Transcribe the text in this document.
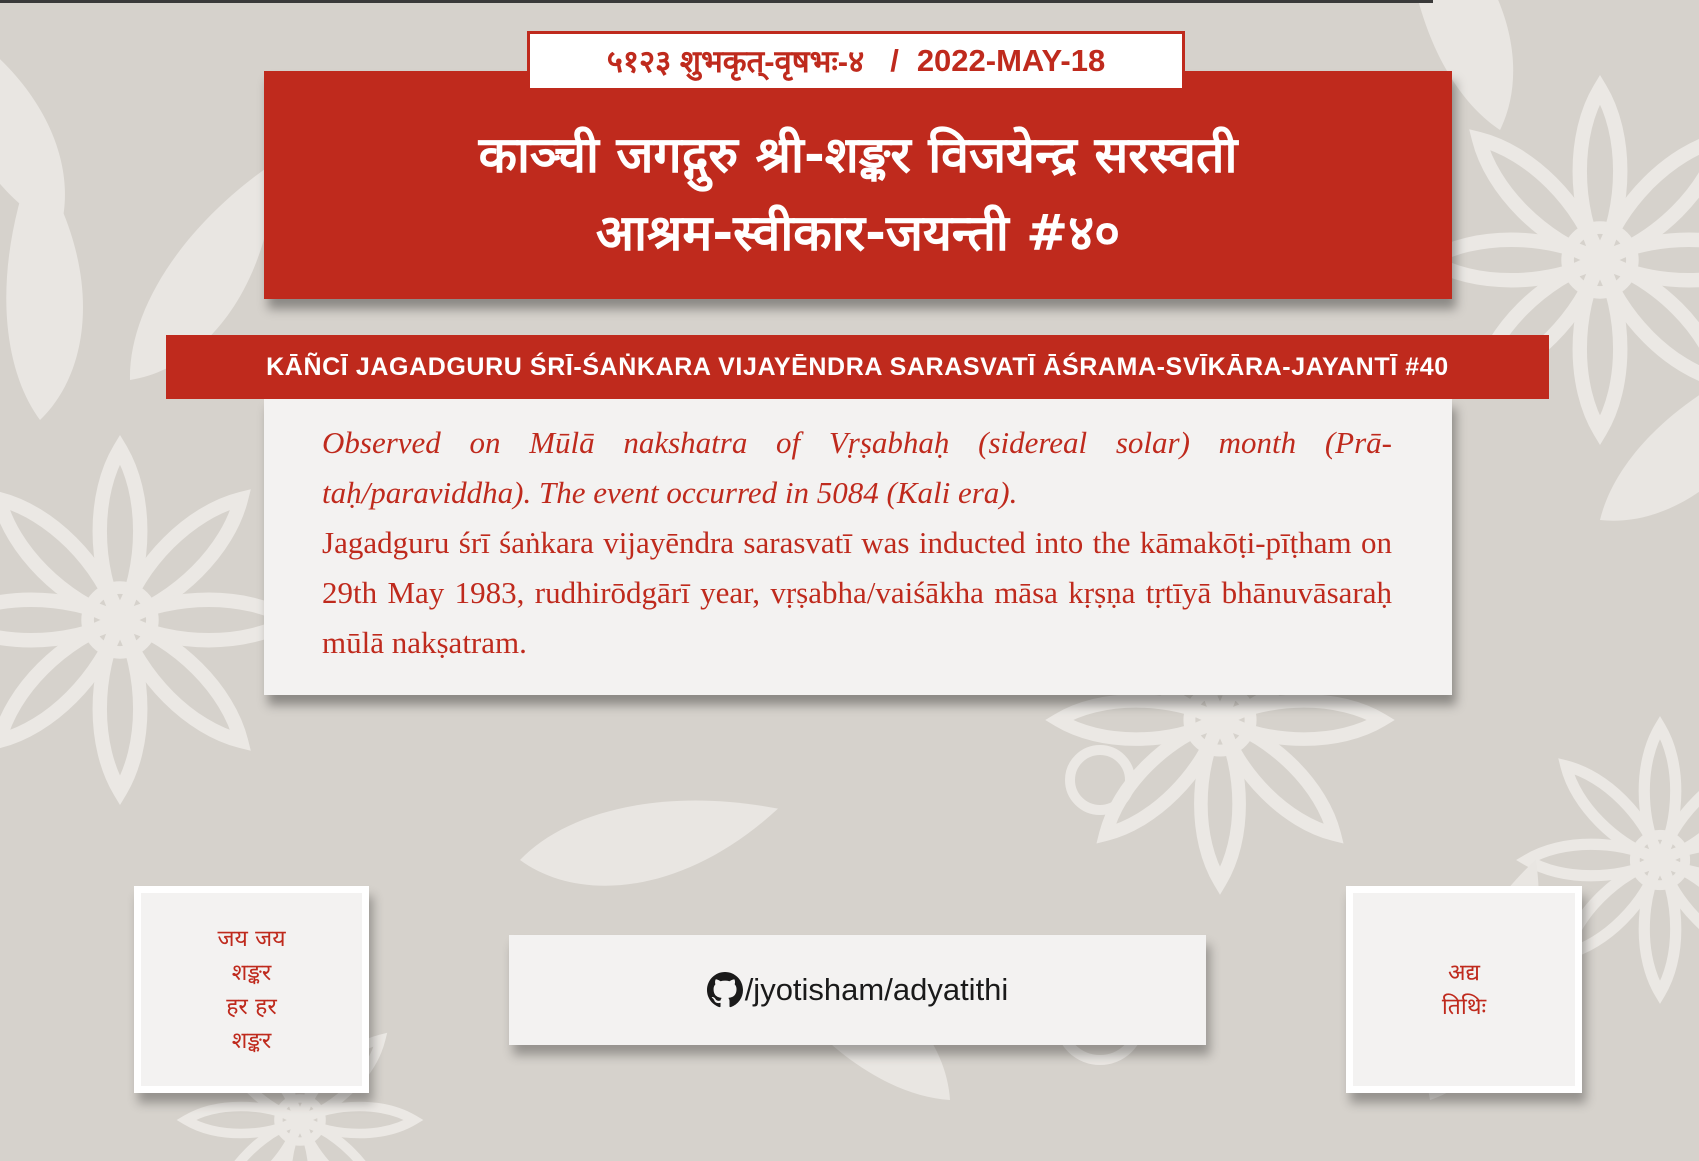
काञ्ची जगद्गुरु श्री-शङ्कर विजयेन्द्र सरस्वती
आश्रम-स्वीकार-जयन्ती #४०
५१२३ शुभकृत्-वृषभः-४ / 2022-MAY-18
KĀÑCĪ JAGADGURU ŚRĪ-ŚAṄKARA VIJAYĒNDRA SARASVATĪ ĀŚRAMA-SVĪKĀRA-JAYANTĪ #40

Observed on Mūlā nakshatra of Vṛṣabhaḥ (sidereal solar) month (Prā-taḥ/paraviddha). The event occurred in 5084 (Kali era).

Jagadguru śrī śaṅkara vijayēndra sarasvatī was inducted into the kāmakōṭi-pīṭham on 29th May 1983, rudhirōdgārī year, vṛṣabha/vaiśākha māsa kṛṣṇa tṛtīyā bhānuvāsaraḥ mūlā nakṣatram.

जय जय
शङ्कर
हर हर
शङ्कर
/jyotisham/adyatithi	अद्य
तिथिः
